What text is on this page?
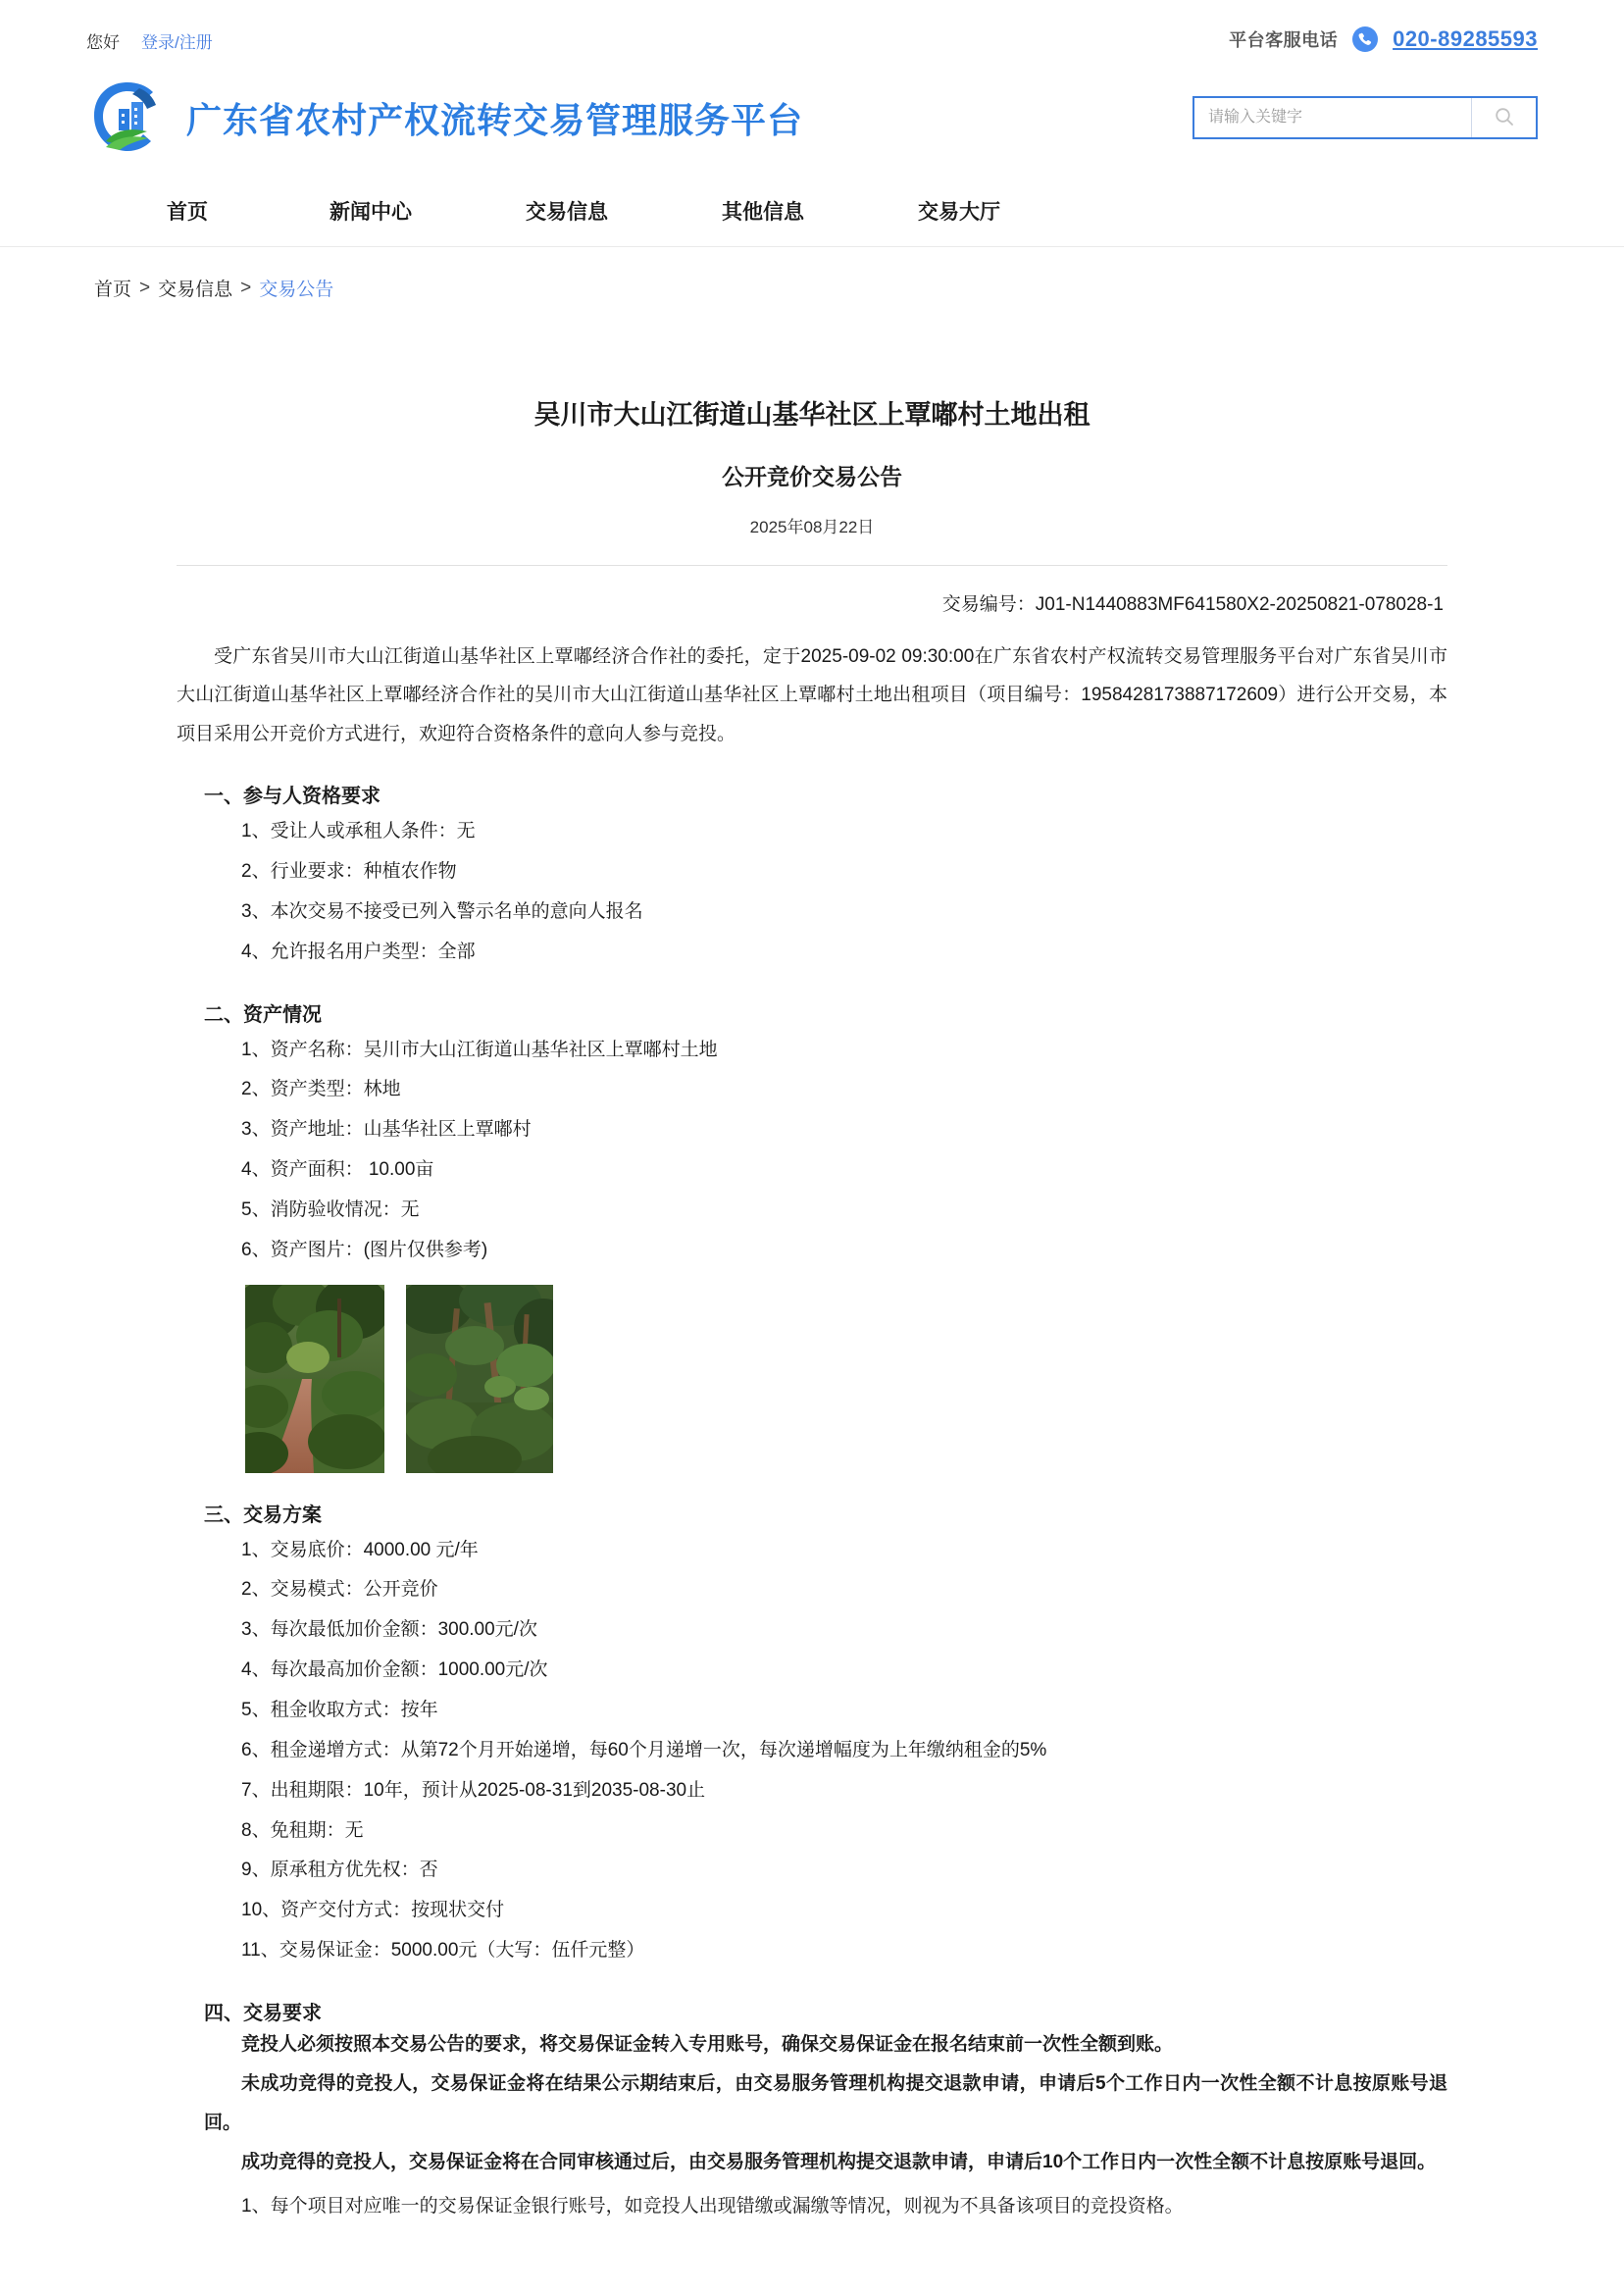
您好 登录/注册	平台客服电话	020-89285593
广东省农村产权流转交易管理服务平台
请输入关键字
首页	新闻中心	交易信息	其他信息	交易大厅
首页 > 交易信息 > 交易公告
吴川市大山江街道山基华社区上覃嘟村土地出租
公开竞价交易公告
2025年08月22日
交易编号：J01-N1440883MF641580X2-20250821-078028-1

受广东省吴川市大山江街道山基华社区上覃嘟经济合作社的委托，定于2025-09-02 09:30:00在广东省农村产权流转交易管理服务平台对广东省吴川市大山江街道山基华社区上覃嘟经济合作社的吴川市大山江街道山基华社区上覃嘟村土地出租项目（项目编号：1958428173887172609）进行公开交易，本项目采用公开竞价方式进行，欢迎符合资格条件的意向人参与竞投。

一、参与人资格要求
1、受让人或承租人条件：无
2、行业要求：种植农作物
3、本次交易不接受已列入警示名单的意向人报名
4、允许报名用户类型：全部
二、资产情况
1、资产名称：吴川市大山江街道山基华社区上覃嘟村土地
2、资产类型：林地
3、资产地址：山基华社区上覃嘟村
4、资产面积： 10.00亩
5、消防验收情况：无
6、资产图片：(图片仅供参考)
三、交易方案
1、交易底价：4000.00 元/年
2、交易模式：公开竞价
3、每次最低加价金额：300.00元/次
4、每次最高加价金额：1000.00元/次
5、租金收取方式：按年
6、租金递增方式：从第72个月开始递增，每60个月递增一次，每次递增幅度为上年缴纳租金的5%
7、出租期限：10年，预计从2025-08-31到2035-08-30止
8、免租期：无
9、原承租方优先权：否
10、资产交付方式：按现状交付
11、交易保证金：5000.00元（大写：伍仟元整）
四、交易要求

竞投人必须按照本交易公告的要求，将交易保证金转入专用账号，确保交易保证金在报名结束前一次性全额到账。

未成功竞得的竞投人，交易保证金将在结果公示期结束后，由交易服务管理机构提交退款申请，申请后5个工作日内一次性全额不计息按原账号退回。

成功竞得的竞投人，交易保证金将在合同审核通过后，由交易服务管理机构提交退款申请，申请后10个工作日内一次性全额不计息按原账号退回。

1、每个项目对应唯一的交易保证金银行账号，如竞投人出现错缴或漏缴等情况，则视为不具备该项目的竞投资格。
